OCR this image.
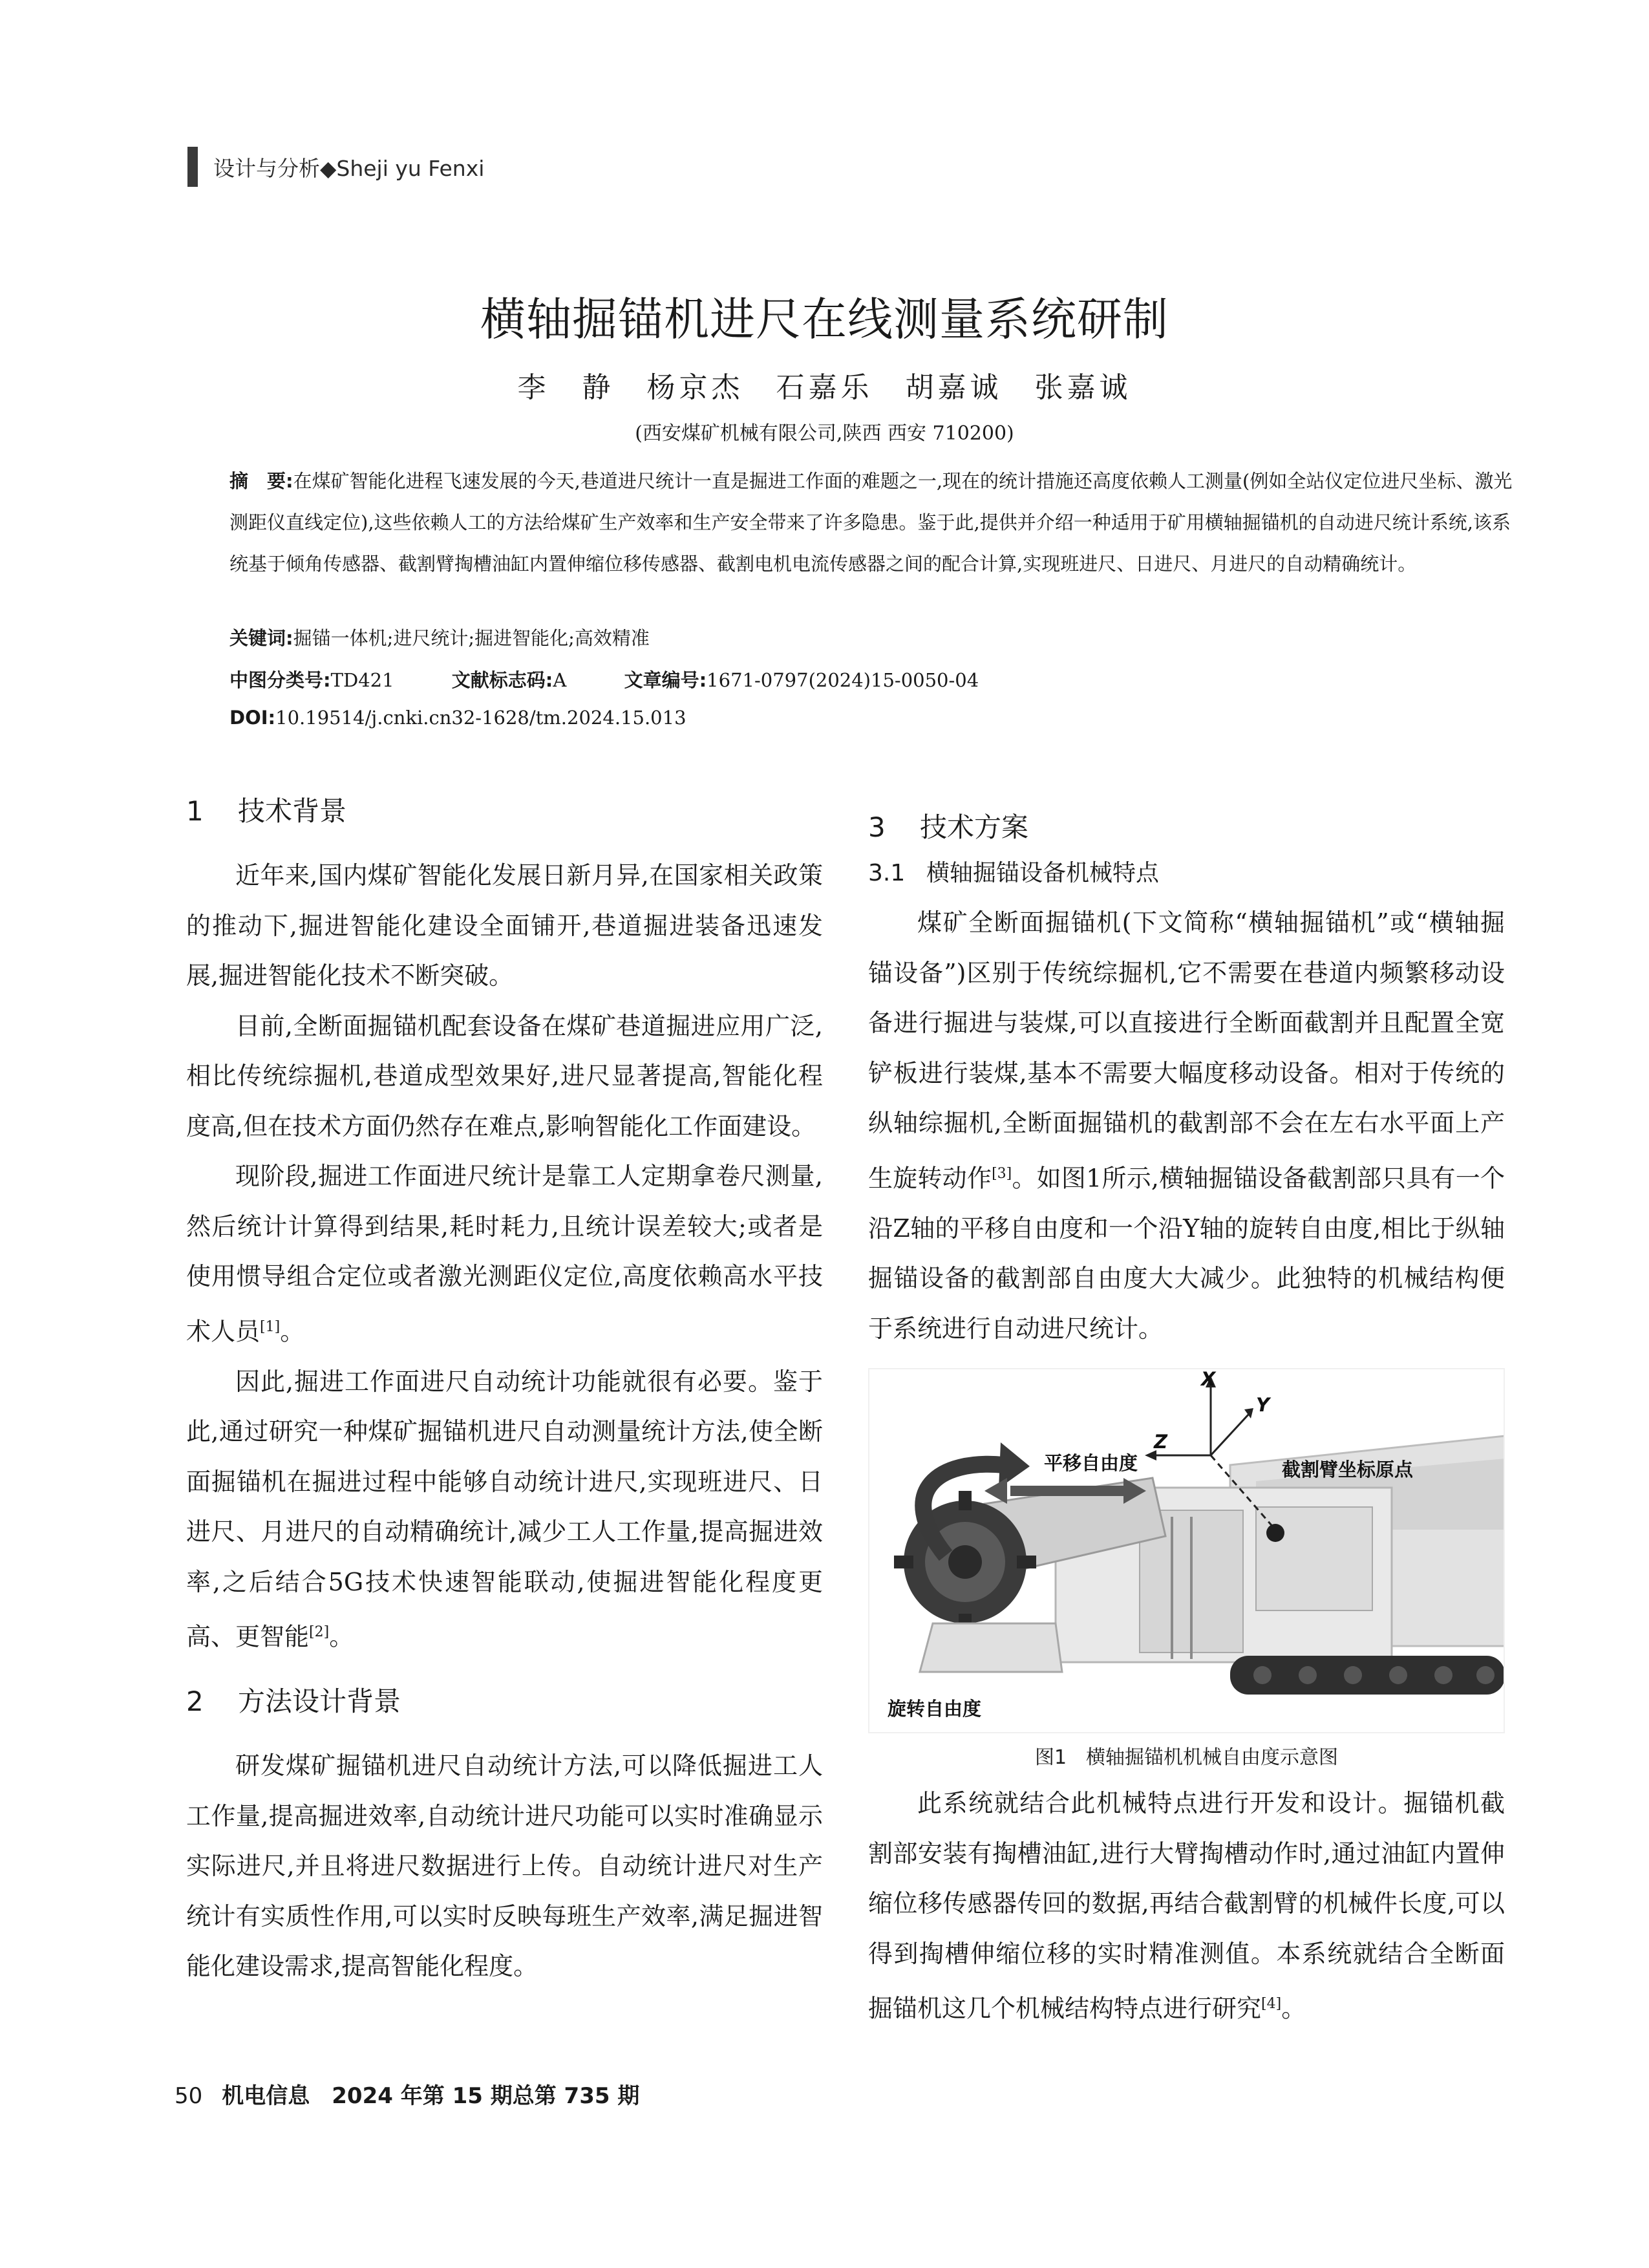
设计与分析◆Sheji yu Fenxi
横轴掘锚机进尺在线测量系统研制
李　静　杨京杰　石嘉乐　胡嘉诚　张嘉诚
(西安煤矿机械有限公司,陕西 西安 710200)
摘　要:在煤矿智能化进程飞速发展的今天,巷道进尺统计一直是掘进工作面的难题之一,现在的统计措施还高度依赖人工测量(例如全站仪定位进尺坐标、激光测距仪直线定位),这些依赖人工的方法给煤矿生产效率和生产安全带来了许多隐患。鉴于此,提供并介绍一种适用于矿用横轴掘锚机的自动进尺统计系统,该系统基于倾角传感器、截割臂掏槽油缸内置伸缩位移传感器、截割电机电流传感器之间的配合计算,实现班进尺、日进尺、月进尺的自动精确统计。
关键词:掘锚一体机;进尺统计;掘进智能化;高效精准
中图分类号:TD421	文献标志码:A	文章编号:1671-0797(2024)15-0050-04
DOI:10.19514/j.cnki.cn32-1628/tm.2024.15.013
1 技术背景

近年来,国内煤矿智能化发展日新月异,在国家相关政策的推动下,掘进智能化建设全面铺开,巷道掘进装备迅速发展,掘进智能化技术不断突破。

目前,全断面掘锚机配套设备在煤矿巷道掘进应用广泛,相比传统综掘机,巷道成型效果好,进尺显著提高,智能化程度高,但在技术方面仍然存在难点,影响智能化工作面建设。

现阶段,掘进工作面进尺统计是靠工人定期拿卷尺测量,然后统计计算得到结果,耗时耗力,且统计误差较大;或者是使用惯导组合定位或者激光测距仪定位,高度依赖高水平技术人员[1]。

因此,掘进工作面进尺自动统计功能就很有必要。鉴于此,通过研究一种煤矿掘锚机进尺自动测量统计方法,使全断面掘锚机在掘进过程中能够自动统计进尺,实现班进尺、日进尺、月进尺的自动精确统计,减少工人工作量,提高掘进效率,之后结合5G技术快速智能联动,使掘进智能化程度更高、更智能[2]。

2 方法设计背景

研发煤矿掘锚机进尺自动统计方法,可以降低掘进工人工作量,提高掘进效率,自动统计进尺功能可以实时准确显示实际进尺,并且将进尺数据进行上传。自动统计进尺对生产统计有实质性作用,可以实时反映每班生产效率,满足掘进智能化建设需求,提高智能化程度。

3 技术方案
3.1 横轴掘锚设备机械特点

煤矿全断面掘锚机(下文简称“横轴掘锚机”或“横轴掘锚设备”)区别于传统综掘机,它不需要在巷道内频繁移动设备进行掘进与装煤,可以直接进行全断面截割并且配置全宽铲板进行装煤,基本不需要大幅度移动设备。相对于传统的纵轴综掘机,全断面掘锚机的截割部不会在左右水平面上产生旋转动作[3]。如图1所示,横轴掘锚设备截割部只具有一个沿Z轴的平移自由度和一个沿Y轴的旋转自由度,相比于纵轴掘锚设备的截割部自由度大大减少。此独特的机械结构便于系统进行自动进尺统计。

X
Y
Z
平移自由度	截割臂坐标原点
旋转自由度
图1　横轴掘锚机机械自由度示意图

此系统就结合此机械特点进行开发和设计。掘锚机截割部安装有掏槽油缸,进行大臂掏槽动作时,通过油缸内置伸缩位移传感器传回的数据,再结合截割臂的机械件长度,可以得到掏槽伸缩位移的实时精准测值。本系统就结合全断面掘锚机这几个机械结构特点进行研究[4]。

50 机电信息　2024 年第 15 期总第 735 期
